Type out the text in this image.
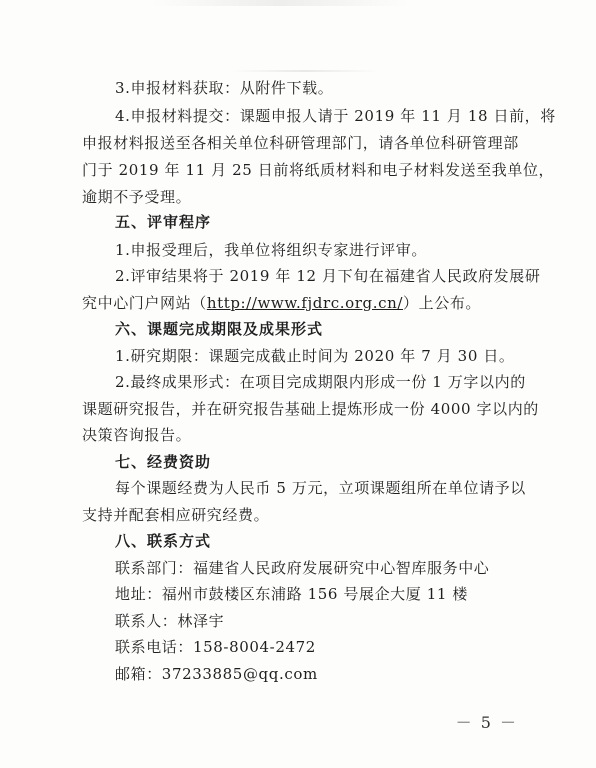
3.申报材料获取：从附件下载。
4.申报材料提交：课题申报人请于 2019 年 11 月 18 日前，将
申报材料报送至各相关单位科研管理部门，请各单位科研管理部
门于 2019 年 11 月 25 日前将纸质材料和电子材料发送至我单位，
逾期不予受理。
五、评审程序
1.申报受理后，我单位将组织专家进行评审。
2.评审结果将于 2019 年 12 月下旬在福建省人民政府发展研
究中心门户网站（http://www.fjdrc.org.cn/）上公布。
六、课题完成期限及成果形式
1.研究期限：课题完成截止时间为 2020 年 7 月 30 日。
2.最终成果形式：在项目完成期限内形成一份 1 万字以内的
课题研究报告，并在研究报告基础上提炼形成一份 4000 字以内的
决策咨询报告。
七、经费资助
每个课题经费为人民币 5 万元，立项课题组所在单位请予以
支持并配套相应研究经费。
八、联系方式
联系部门：福建省人民政府发展研究中心智库服务中心
地址：福州市鼓楼区东浦路 156 号展企大厦 11 楼
联系人：林泽宇
联系电话：158-8004-2472
邮箱：37233885@qq.com
－ 5 －
